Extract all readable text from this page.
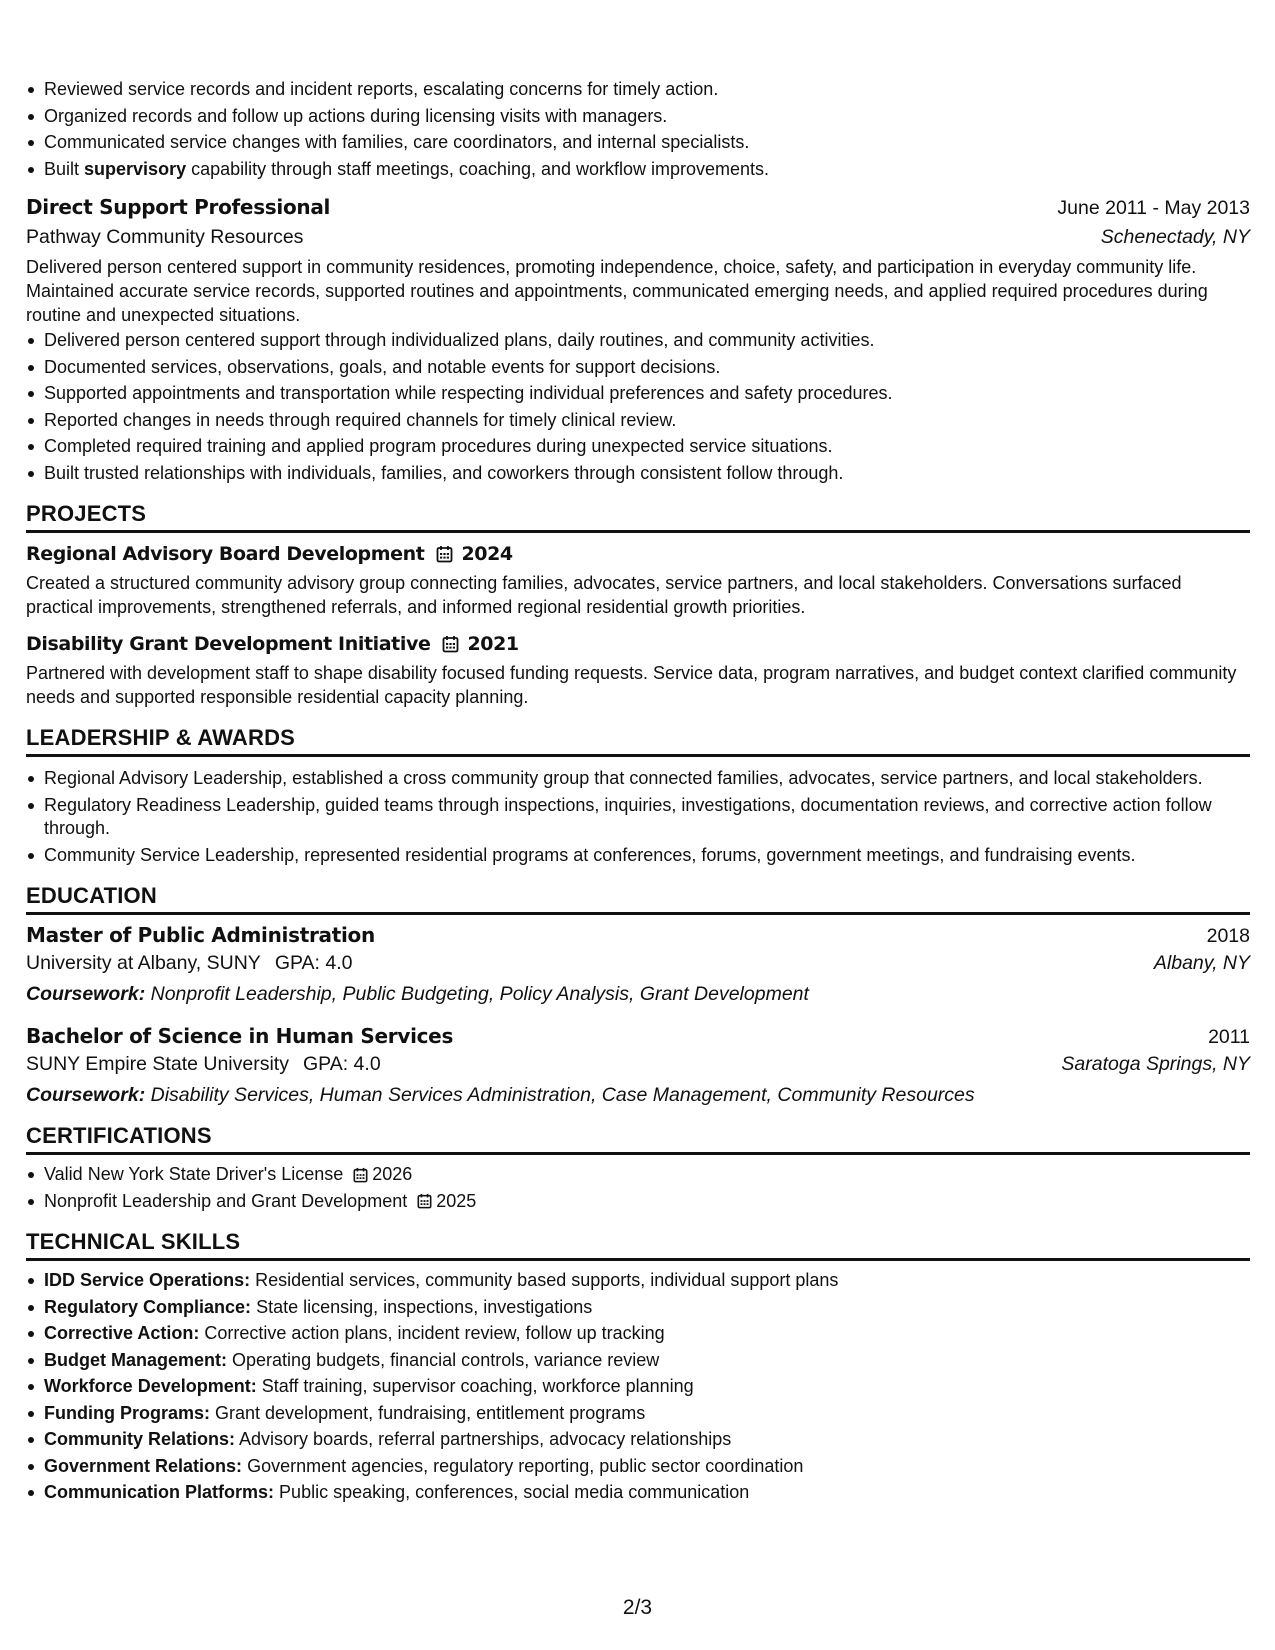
Reviewed service records and incident reports, escalating concerns for timely action.
Organized records and follow up actions during licensing visits with managers.
Communicated service changes with families, care coordinators, and internal specialists.
Built supervisory capability through staff meetings, coaching, and workflow improvements.
Direct Support Professional	June 2011 - May 2013
Pathway Community Resources	Schenectady, NY
Delivered person centered support in community residences, promoting independence, choice, safety, and participation in everyday community life. Maintained accurate service records, supported routines and appointments, communicated emerging needs, and applied required procedures during routine and unexpected situations.
Delivered person centered support through individualized plans, daily routines, and community activities.
Documented services, observations, goals, and notable events for support decisions.
Supported appointments and transportation while respecting individual preferences and safety procedures.
Reported changes in needs through required channels for timely clinical review.
Completed required training and applied program procedures during unexpected service situations.
Built trusted relationships with individuals, families, and coworkers through consistent follow through.
PROJECTS
Regional Advisory Board Development 2024
Created a structured community advisory group connecting families, advocates, service partners, and local stakeholders. Conversations surfaced practical improvements, strengthened referrals, and informed regional residential growth priorities.
Disability Grant Development Initiative 2021
Partnered with development staff to shape disability focused funding requests. Service data, program narratives, and budget context clarified community needs and supported responsible residential capacity planning.
LEADERSHIP & AWARDS
Regional Advisory Leadership, established a cross community group that connected families, advocates, service partners, and local stakeholders.
Regulatory Readiness Leadership, guided teams through inspections, inquiries, investigations, documentation reviews, and corrective action follow through.
Community Service Leadership, represented residential programs at conferences, forums, government meetings, and fundraising events.
EDUCATION
Master of Public Administration	2018
University at Albany, SUNY GPA: 4.0	Albany, NY
Coursework: Nonprofit Leadership, Public Budgeting, Policy Analysis, Grant Development
Bachelor of Science in Human Services	2011
SUNY Empire State University GPA: 4.0	Saratoga Springs, NY
Coursework: Disability Services, Human Services Administration, Case Management, Community Resources
CERTIFICATIONS
Valid New York State Driver's License 2026
Nonprofit Leadership and Grant Development 2025
TECHNICAL SKILLS
IDD Service Operations: Residential services, community based supports, individual support plans
Regulatory Compliance: State licensing, inspections, investigations
Corrective Action: Corrective action plans, incident review, follow up tracking
Budget Management: Operating budgets, financial controls, variance review
Workforce Development: Staff training, supervisor coaching, workforce planning
Funding Programs: Grant development, fundraising, entitlement programs
Community Relations: Advisory boards, referral partnerships, advocacy relationships
Government Relations: Government agencies, regulatory reporting, public sector coordination
Communication Platforms: Public speaking, conferences, social media communication
2/3
